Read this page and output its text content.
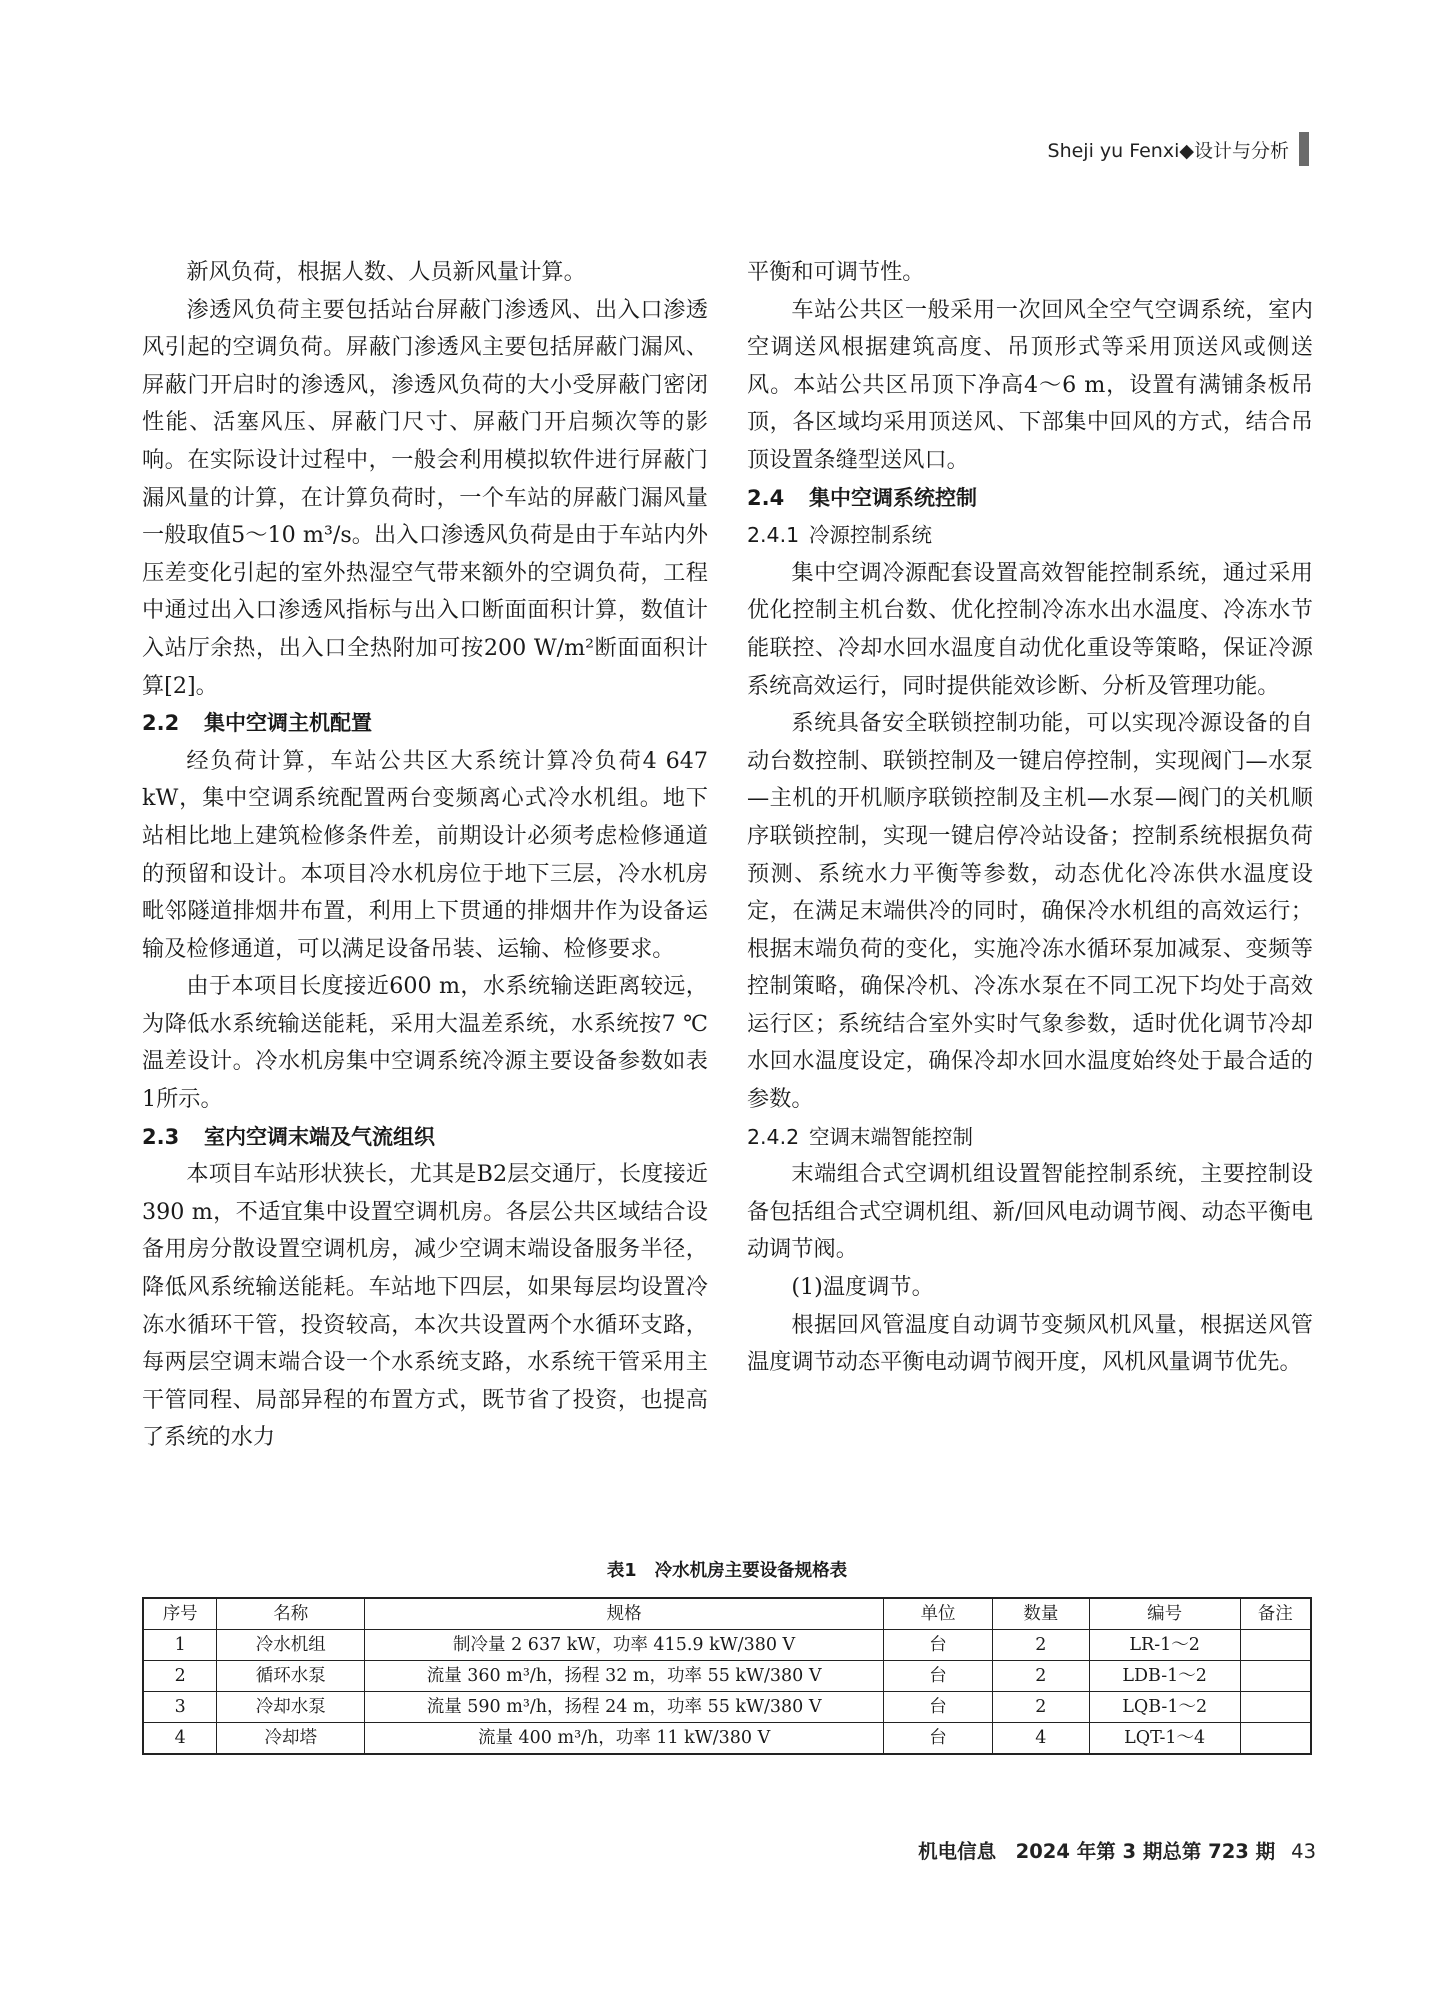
Sheji yu Fenxi◆设计与分析

新风负荷，根据人数、人员新风量计算。

渗透风负荷主要包括站台屏蔽门渗透风、出入口渗透风引起的空调负荷。屏蔽门渗透风主要包括屏蔽门漏风、屏蔽门开启时的渗透风，渗透风负荷的大小受屏蔽门密闭性能、活塞风压、屏蔽门尺寸、屏蔽门开启频次等的影响。在实际设计过程中，一般会利用模拟软件进行屏蔽门漏风量的计算，在计算负荷时，一个车站的屏蔽门漏风量一般取值5～10 m³/s。出入口渗透风负荷是由于车站内外压差变化引起的室外热湿空气带来额外的空调负荷，工程中通过出入口渗透风指标与出入口断面面积计算，数值计入站厅余热，出入口全热附加可按200 W/m²断面面积计算[2]。

2.2 集中空调主机配置

经负荷计算，车站公共区大系统计算冷负荷4 647 kW，集中空调系统配置两台变频离心式冷水机组。地下站相比地上建筑检修条件差，前期设计必须考虑检修通道的预留和设计。本项目冷水机房位于地下三层，冷水机房毗邻隧道排烟井布置，利用上下贯通的排烟井作为设备运输及检修通道，可以满足设备吊装、运输、检修要求。

由于本项目长度接近600 m，水系统输送距离较远，为降低水系统输送能耗，采用大温差系统，水系统按7 ℃温差设计。冷水机房集中空调系统冷源主要设备参数如表1所示。

2.3 室内空调末端及气流组织

本项目车站形状狭长，尤其是B2层交通厅，长度接近390 m，不适宜集中设置空调机房。各层公共区域结合设备用房分散设置空调机房，减少空调末端设备服务半径，降低风系统输送能耗。车站地下四层，如果每层均设置冷冻水循环干管，投资较高，本次共设置两个水循环支路，每两层空调末端合设一个水系统支路，水系统干管采用主干管同程、局部异程的布置方式，既节省了投资，也提高了系统的水力

平衡和可调节性。

车站公共区一般采用一次回风全空气空调系统，室内空调送风根据建筑高度、吊顶形式等采用顶送风或侧送风。本站公共区吊顶下净高4～6 m，设置有满铺条板吊顶，各区域均采用顶送风、下部集中回风的方式，结合吊顶设置条缝型送风口。

2.4 集中空调系统控制
2.4.1 冷源控制系统

集中空调冷源配套设置高效智能控制系统，通过采用优化控制主机台数、优化控制冷冻水出水温度、冷冻水节能联控、冷却水回水温度自动优化重设等策略，保证冷源系统高效运行，同时提供能效诊断、分析及管理功能。

系统具备安全联锁控制功能，可以实现冷源设备的自动台数控制、联锁控制及一键启停控制，实现阀门—水泵—主机的开机顺序联锁控制及主机—水泵—阀门的关机顺序联锁控制，实现一键启停冷站设备；控制系统根据负荷预测、系统水力平衡等参数，动态优化冷冻供水温度设定，在满足末端供冷的同时，确保冷水机组的高效运行；根据末端负荷的变化，实施冷冻水循环泵加减泵、变频等控制策略，确保冷机、冷冻水泵在不同工况下均处于高效运行区；系统结合室外实时气象参数，适时优化调节冷却水回水温度设定，确保冷却水回水温度始终处于最合适的参数。

2.4.2 空调末端智能控制

末端组合式空调机组设置智能控制系统，主要控制设备包括组合式空调机组、新/回风电动调节阀、动态平衡电动调节阀。

(1)温度调节。

根据回风管温度自动调节变频风机风量，根据送风管温度调节动态平衡电动调节阀开度，风机风量调节优先。

表1 冷水机房主要设备规格表
序号	名称	规格	单位	数量	编号	备注
1	冷水机组	制冷量 2 637 kW，功率 415.9 kW/380 V	台	2	LR-1～2	
2	循环水泵	流量 360 m³/h，扬程 32 m，功率 55 kW/380 V	台	2	LDB-1～2	
3	冷却水泵	流量 590 m³/h，扬程 24 m，功率 55 kW/380 V	台	2	LQB-1～2	
4	冷却塔	流量 400 m³/h，功率 11 kW/380 V	台	4	LQT-1～4	
机电信息　2024 年第 3 期总第 723 期 43
